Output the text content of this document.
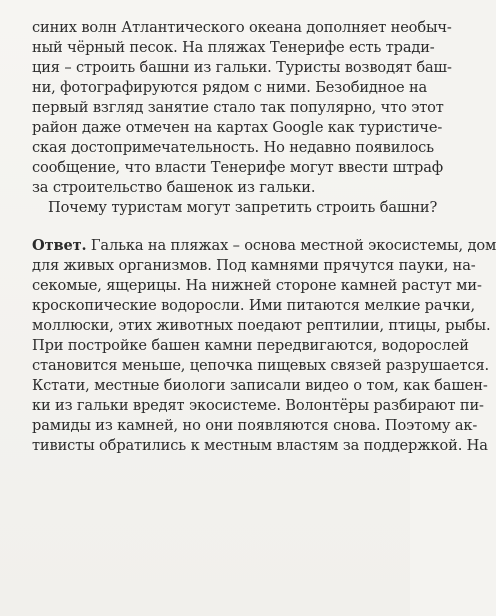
синих волн Атлантического океана дополняет необыч-
ный чёрный песок. На пляжах Тенерифе есть тради-
ция – строить башни из гальки. Туристы возводят баш-
ни, фотографируются рядом с ними. Безобидное на
первый взгляд занятие стало так популярно, что этот
район даже отмечен на картах Google как туристиче-
ская достопримечательность. Но недавно появилось
сообщение, что власти Тенерифе могут ввести штраф
за строительство башенок из гальки.
Почему туристам могут запретить строить башни?
Ответ. Галька на пляжах – основа местной экосистемы, дом
для живых организмов. Под камнями прячутся пауки, на-
секомые, ящерицы. На нижней стороне камней растут ми-
кроскопические водоросли. Ими питаются мелкие рачки,
моллюски, этих животных поедают рептилии, птицы, рыбы.
При постройке башен камни передвигаются, водорослей
становится меньше, цепочка пищевых связей разрушается.
Кстати, местные биологи записали видео о том, как башен-
ки из гальки вредят экосистеме. Волонтёры разбирают пи-
рамиды из камней, но они появляются снова. Поэтому ак-
тивисты обратились к местным властям за поддержкой. На
